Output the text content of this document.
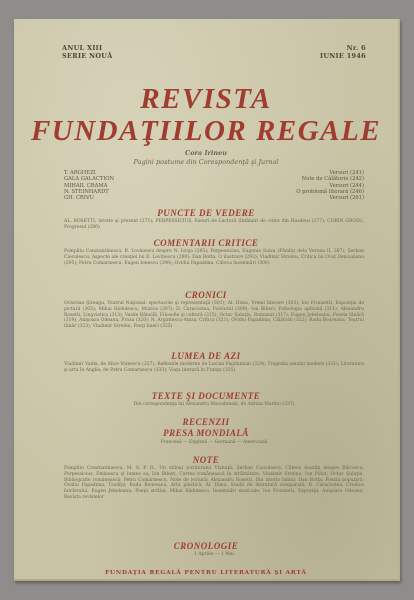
ANUL XIII
SERIE NOUĂ
Nr. 6
IUNIE 1946
REVISTA
FUNDAŢIILOR REGALE
Cora Irineu
Pagini postume din Corespondenţă şi Jurnal
T. ARGHEZI	Versuri (241)
GALA GALACTION	Note de Călătorie (242)
MIHAIL CRAMA	Versuri (244)
N. STEINHARDT	O problemă literară (246)
GH. CRIVU	Versuri (261)
PUNCTE DE VEDERE
AL. ROSETTI, Istorie şi prezent (271); PERPESSICIUS, Eseuri de Lectură (întâlniri de citire din Hasdeu) (277); CORIN GROSU, Progresul (280)
COMENTARII CRITICE
Pompiliu Constantinescu, B. Lovinescu despre N. Iorga (285); Perpessicius, Eugenio Suiza (Pămînt dela Vorona II, 287); Şerban Cioculescu, Aspecte ale creaţiei lui E. Lovinescu (290); Dan Botta, O ilustrare (293); Vladimir Streinu, Critica lui Ovid Densusianu (295); Petru Comarnescu, Eugen Ionescu (298); Ovidiu Papadima, Câteva însemnări (300)
CRONICI
Octavian Şireagu, Teatrul Naţional: spectacole şi reprezentaţii (301); Al. Dima, Vremi literare (303); Ion Frunzetti, Expoziţia de pictură (305); Mihai Rădulescu, Muzica (307); D. Caracostea, Folclorul (309); Ion Biberi, Psihologia aplicată (311); Alexandru Rosetti, Lingvistica (313); Vasile Băncilă, Filosofie şi cultură (315); Octav Şuluţiu, Romanul (317); Eugen Jebeleanu, Poezia tânără (319); Anişoara Odeanu, Proza (320); N. Argintescu-Amza, Critica (321); Ovidiu Papadima, Călătorii (322); Radu Boureanu, Teatrul tânăr (323); Vladimir Streinu, Poeţi tineri (325)
LUMEA DE AZI
Vladimir Vaida, de Alice Voinescu (327); Reflexiile moderne de Lucian Pagdamian (329); Tragedia omului modern (331); Literatura şi arta în Anglia, de Petru Comarnescu (333); Viaţa literară în Franţa (335)
TEXTE ŞI DOCUMENTE
Din corespondenţa lui Alexandru Macedonski, de Adrian Marino (337)
RECENZII
PRESA MONDIALĂ
Franceză — Engleză — Germană — Americană
NOTE
Pompiliu Constantinescu, M. S. P. R., Un stiloul scriitorului Vlahuţă; Şerban Cioculescu, Câteva noutăţi despre Bălcescu; Perpessicius, Eminescu şi lumea sa; Ion Biberi, Cartea românească în străinătate; Vladimir Streinu, Ion Pillat; Octav Şuluţiu, Bibliografie românească; Petru Comarnescu, Note de lectură; Alexandru Rosetti, Din istoria limbii; Dan Botta, Poezia populară; Ovidiu Papadima, Tradiţii; Radu Boureanu, Arta plastică; Al. Dima, Studii de literatură comparată; D. Caracostea, Cronica folclorului; Eugen Jebeleanu, Poeţii străini; Mihai Rădulescu, Însemnări muzicale; Ion Frunzetti, Expoziţii; Anişoara Odeanu, Revista revistelor
CRONOLOGIE
1 Aprilie — 1 Mai
FUNDAŢIA REGALĂ PENTRU LITERATURĂ ŞI ARTĂ
